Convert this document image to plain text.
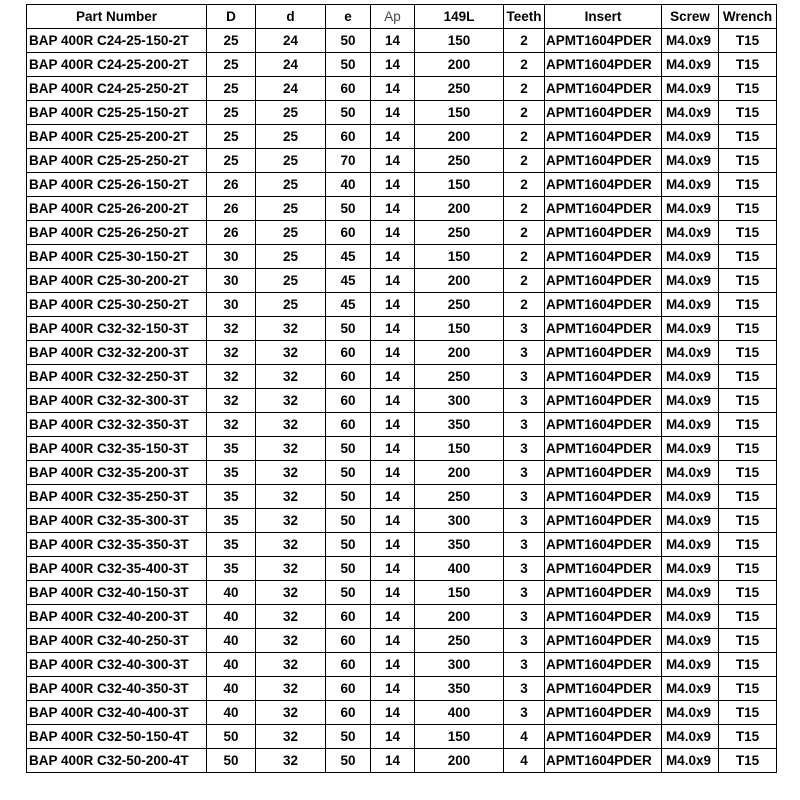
Part Number	D	d	e	Ap	149L	Teeth	Insert	Screw	Wrench
BAP 400R C24-25-150-2T	25	24	50	14	150	2	APMT1604PDER	M4.0x9	T15
BAP 400R C24-25-200-2T	25	24	50	14	200	2	APMT1604PDER	M4.0x9	T15
BAP 400R C24-25-250-2T	25	24	60	14	250	2	APMT1604PDER	M4.0x9	T15
BAP 400R C25-25-150-2T	25	25	50	14	150	2	APMT1604PDER	M4.0x9	T15
BAP 400R C25-25-200-2T	25	25	60	14	200	2	APMT1604PDER	M4.0x9	T15
BAP 400R C25-25-250-2T	25	25	70	14	250	2	APMT1604PDER	M4.0x9	T15
BAP 400R C25-26-150-2T	26	25	40	14	150	2	APMT1604PDER	M4.0x9	T15
BAP 400R C25-26-200-2T	26	25	50	14	200	2	APMT1604PDER	M4.0x9	T15
BAP 400R C25-26-250-2T	26	25	60	14	250	2	APMT1604PDER	M4.0x9	T15
BAP 400R C25-30-150-2T	30	25	45	14	150	2	APMT1604PDER	M4.0x9	T15
BAP 400R C25-30-200-2T	30	25	45	14	200	2	APMT1604PDER	M4.0x9	T15
BAP 400R C25-30-250-2T	30	25	45	14	250	2	APMT1604PDER	M4.0x9	T15
BAP 400R C32-32-150-3T	32	32	50	14	150	3	APMT1604PDER	M4.0x9	T15
BAP 400R C32-32-200-3T	32	32	60	14	200	3	APMT1604PDER	M4.0x9	T15
BAP 400R C32-32-250-3T	32	32	60	14	250	3	APMT1604PDER	M4.0x9	T15
BAP 400R C32-32-300-3T	32	32	60	14	300	3	APMT1604PDER	M4.0x9	T15
BAP 400R C32-32-350-3T	32	32	60	14	350	3	APMT1604PDER	M4.0x9	T15
BAP 400R C32-35-150-3T	35	32	50	14	150	3	APMT1604PDER	M4.0x9	T15
BAP 400R C32-35-200-3T	35	32	50	14	200	3	APMT1604PDER	M4.0x9	T15
BAP 400R C32-35-250-3T	35	32	50	14	250	3	APMT1604PDER	M4.0x9	T15
BAP 400R C32-35-300-3T	35	32	50	14	300	3	APMT1604PDER	M4.0x9	T15
BAP 400R C32-35-350-3T	35	32	50	14	350	3	APMT1604PDER	M4.0x9	T15
BAP 400R C32-35-400-3T	35	32	50	14	400	3	APMT1604PDER	M4.0x9	T15
BAP 400R C32-40-150-3T	40	32	50	14	150	3	APMT1604PDER	M4.0x9	T15
BAP 400R C32-40-200-3T	40	32	60	14	200	3	APMT1604PDER	M4.0x9	T15
BAP 400R C32-40-250-3T	40	32	60	14	250	3	APMT1604PDER	M4.0x9	T15
BAP 400R C32-40-300-3T	40	32	60	14	300	3	APMT1604PDER	M4.0x9	T15
BAP 400R C32-40-350-3T	40	32	60	14	350	3	APMT1604PDER	M4.0x9	T15
BAP 400R C32-40-400-3T	40	32	60	14	400	3	APMT1604PDER	M4.0x9	T15
BAP 400R C32-50-150-4T	50	32	50	14	150	4	APMT1604PDER	M4.0x9	T15
BAP 400R C32-50-200-4T	50	32	50	14	200	4	APMT1604PDER	M4.0x9	T15
